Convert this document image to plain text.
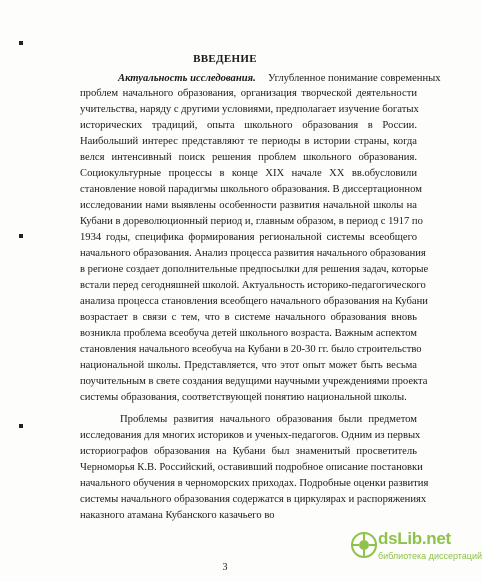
ВВЕДЕНИЕ
Актуальность исследования. Углубленное понимание современных
проблем начального образования, организация творческой деятельности
учительства, наряду с другими условиями, предполагает изучение богатых
исторических традиций, опыта школьного образования в России.
Наибольший интерес представляют те периоды в истории страны, когда
велся интенсивный поиск решения проблем школьного образования.
Социокультурные процессы в конце XIX начале XX вв.обусловили
становление новой парадигмы школьного образования. В диссертационном
исследовании нами выявлены особенности развития начальной школы на
Кубани в дореволюционный период и, главным образом, в период с 1917 по
1934 годы, специфика формирования региональной системы всеобщего
начального образования. Анализ процесса развития начального образования
в регионе создает дополнительные предпосылки для решения задач, которые
встали перед сегодняшней школой. Актуальность историко-педагогического
анализа процесса становления всеобщего начального образования на Кубани
возрастает в связи с тем, что в системе начального образования вновь
возникла проблема всеобуча детей школьного возраста. Важным аспектом
становления начального всеобуча на Кубани в 20-30 гг. было строительство
национальной школы. Представляется, что этот опыт может быть весьма
поучительным в свете создания ведущими научными учреждениями проекта
системы образования, соответствующей понятию национальной школы.
Проблемы развития начального образования были предметом
исследования для многих историков и ученых-педагогов. Одним из первых
историографов образования на Кубани был знаменитый просветитель
Черноморья К.В. Российский, оставивший подробное описание постановки
начального обучения в черноморских приходах. Подробные оценки развития
системы начального образования содержатся в циркулярах и распоряжениях
наказного атамана Кубанского казачьего во
3
dsLib.net
библиотека диссертаций
